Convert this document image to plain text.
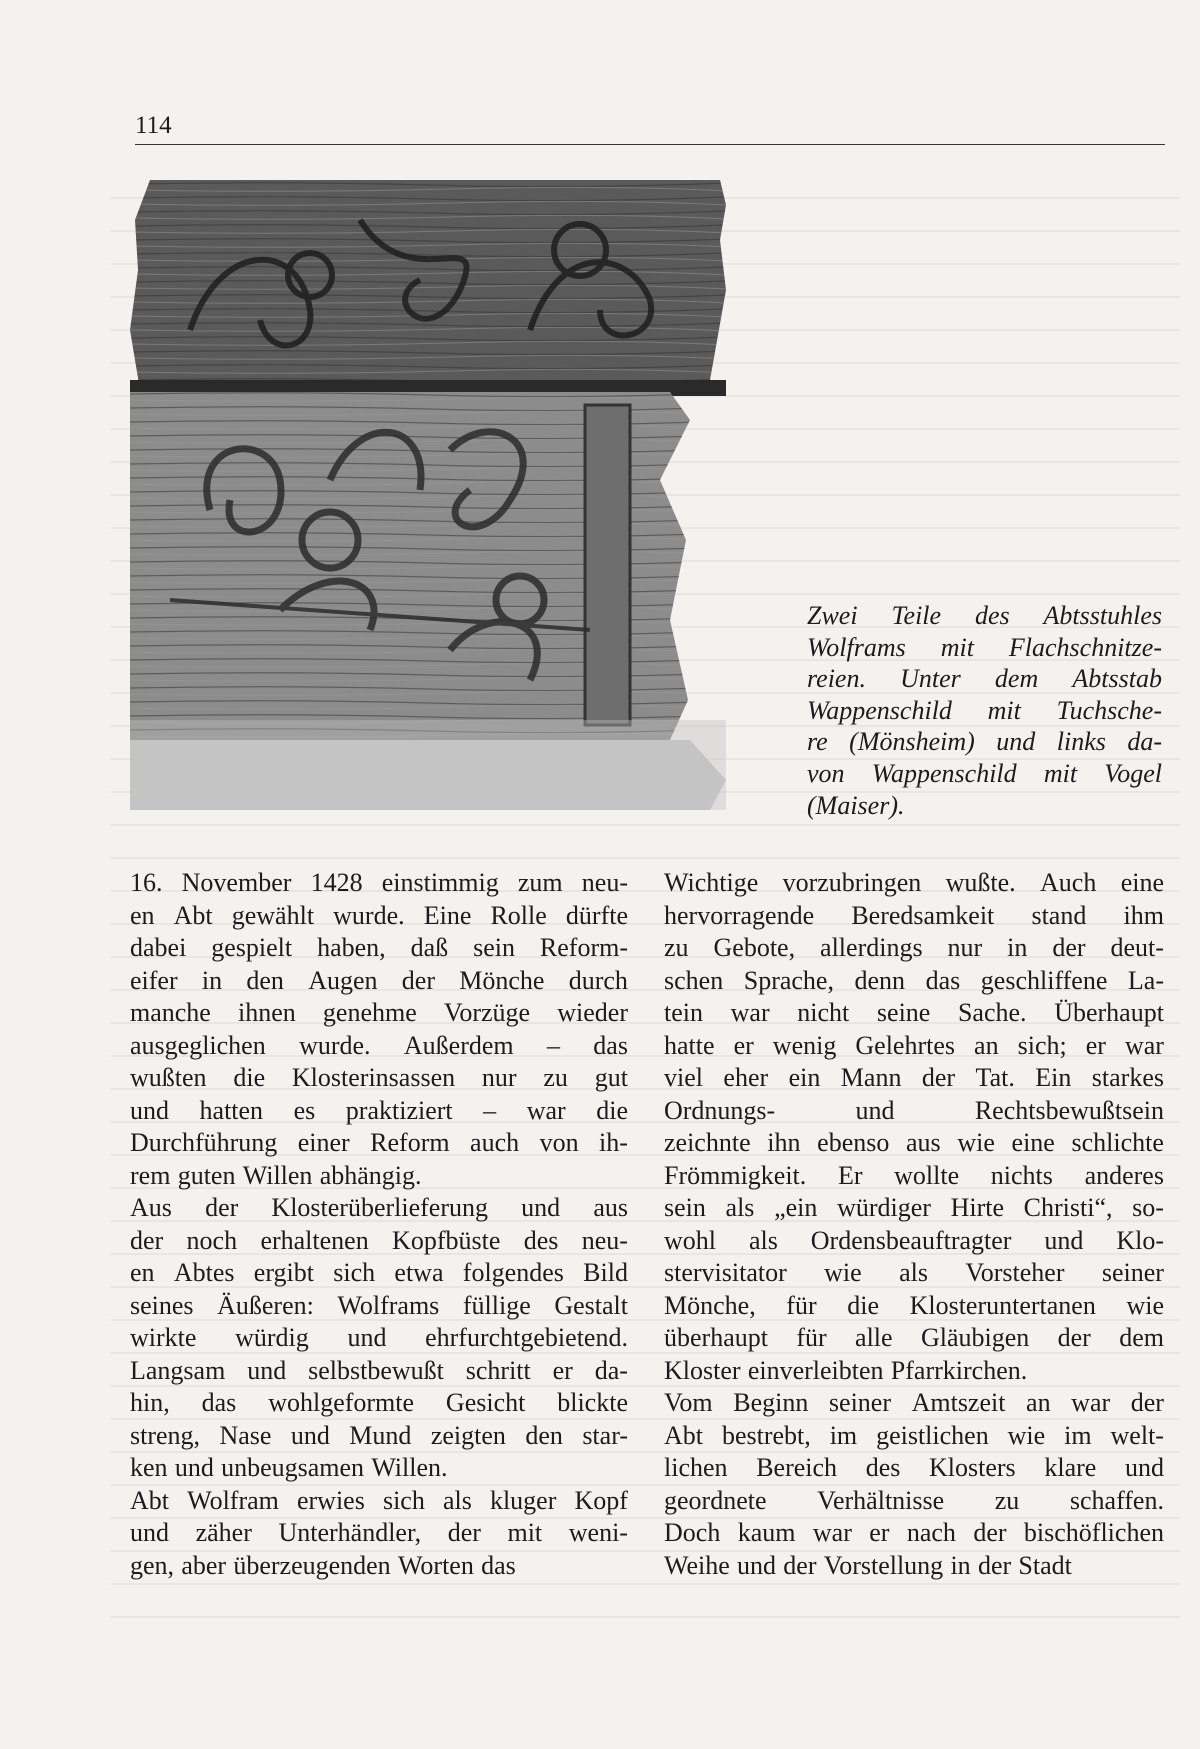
114
Zwei Teile des Abtsstuhles
Wolframs mit Flachschnitze-
reien. Unter dem Abtsstab
Wappenschild mit Tuchsche-
re (Mönsheim) und links da-
von Wappenschild mit Vogel
(Maiser).

16. November 1428 einstimmig zum neu-
en Abt gewählt wurde. Eine Rolle dürfte
dabei gespielt haben, daß sein Reform-
eifer in den Augen der Mönche durch
manche ihnen genehme Vorzüge wieder
ausgeglichen wurde. Außerdem – das
wußten die Klosterinsassen nur zu gut
und hatten es praktiziert – war die
Durchführung einer Reform auch von ih-
rem guten Willen abhängig.

Aus der Klosterüberlieferung und aus
der noch erhaltenen Kopfbüste des neu-
en Abtes ergibt sich etwa folgendes Bild
seines Äußeren: Wolframs füllige Gestalt
wirkte würdig und ehrfurchtgebietend.
Langsam und selbstbewußt schritt er da-
hin, das wohlgeformte Gesicht blickte
streng, Nase und Mund zeigten den star-
ken und unbeugsamen Willen.

Abt Wolfram erwies sich als kluger Kopf
und zäher Unterhändler, der mit weni-
gen, aber überzeugenden Worten das

Wichtige vorzubringen wußte. Auch eine
hervorragende Beredsamkeit stand ihm
zu Gebote, allerdings nur in der deut-
schen Sprache, denn das geschliffene La-
tein war nicht seine Sache. Überhaupt
hatte er wenig Gelehrtes an sich; er war
viel eher ein Mann der Tat. Ein starkes
Ordnungs-	und	Rechtsbewußtsein
zeichnte ihn ebenso aus wie eine schlichte
Frömmigkeit. Er wollte nichts anderes
sein als „ein würdiger Hirte Christi“, so-
wohl als Ordensbeauftragter und Klo-
stervisitator wie als Vorsteher seiner
Mönche, für die Klosteruntertanen wie
überhaupt für alle Gläubigen der dem
Kloster einverleibten Pfarrkirchen.

Vom Beginn seiner Amtszeit an war der
Abt bestrebt, im geistlichen wie im welt-
lichen Bereich des Klosters klare und
geordnete Verhältnisse zu schaffen.
Doch kaum war er nach der bischöflichen
Weihe und der Vorstellung in der Stadt
